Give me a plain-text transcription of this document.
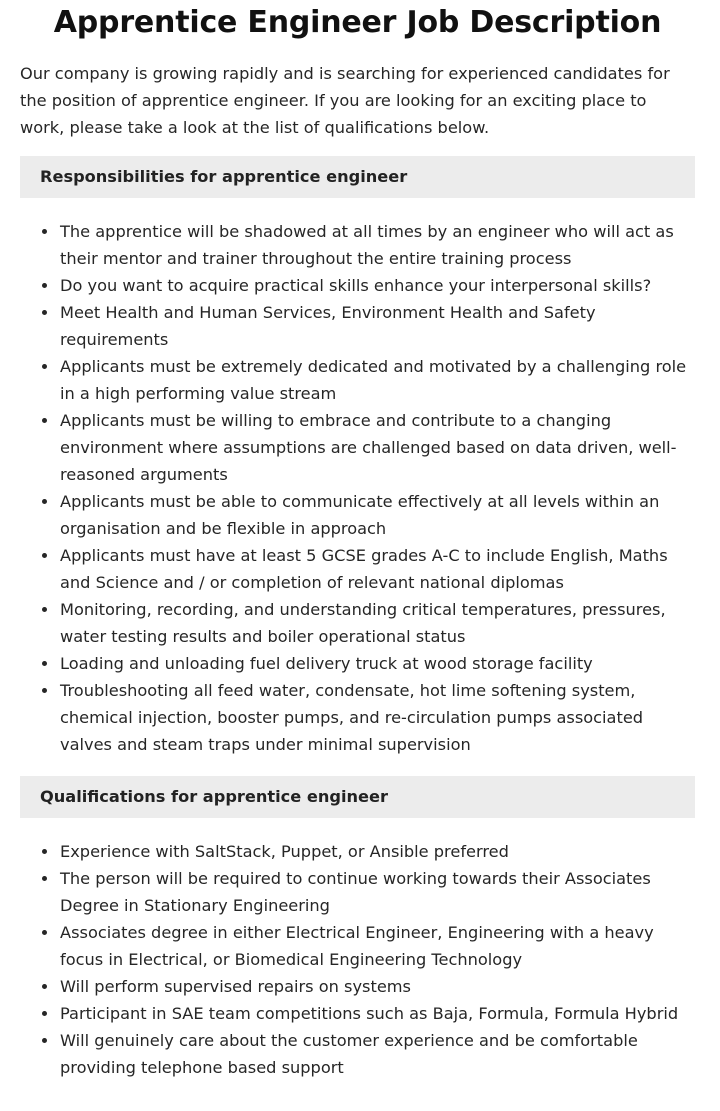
Apprentice Engineer Job Description

Our company is growing rapidly and is searching for experienced candidates for the position of apprentice engineer. If you are looking for an exciting place to work, please take a look at the list of qualifications below.

Responsibilities for apprentice engineer
The apprentice will be shadowed at all times by an engineer who will act as their mentor and trainer throughout the entire training process
Do you want to acquire practical skills enhance your interpersonal skills?
Meet Health and Human Services, Environment Health and Safety requirements
Applicants must be extremely dedicated and motivated by a challenging role in a high performing value stream
Applicants must be willing to embrace and contribute to a changing environment where assumptions are challenged based on data driven, well-reasoned arguments
Applicants must be able to communicate effectively at all levels within an organisation and be flexible in approach
Applicants must have at least 5 GCSE grades A-C to include English, Maths and Science and / or completion of relevant national diplomas
Monitoring, recording, and understanding critical temperatures, pressures, water testing results and boiler operational status
Loading and unloading fuel delivery truck at wood storage facility
Troubleshooting all feed water, condensate, hot lime softening system, chemical injection, booster pumps, and re-circulation pumps associated valves and steam traps under minimal supervision
Qualifications for apprentice engineer
Experience with SaltStack, Puppet, or Ansible preferred
The person will be required to continue working towards their Associates Degree in Stationary Engineering
Associates degree in either Electrical Engineer, Engineering with a heavy focus in Electrical, or Biomedical Engineering Technology
Will perform supervised repairs on systems
Participant in SAE team competitions such as Baja, Formula, Formula Hybrid
Will genuinely care about the customer experience and be comfortable providing telephone based support
